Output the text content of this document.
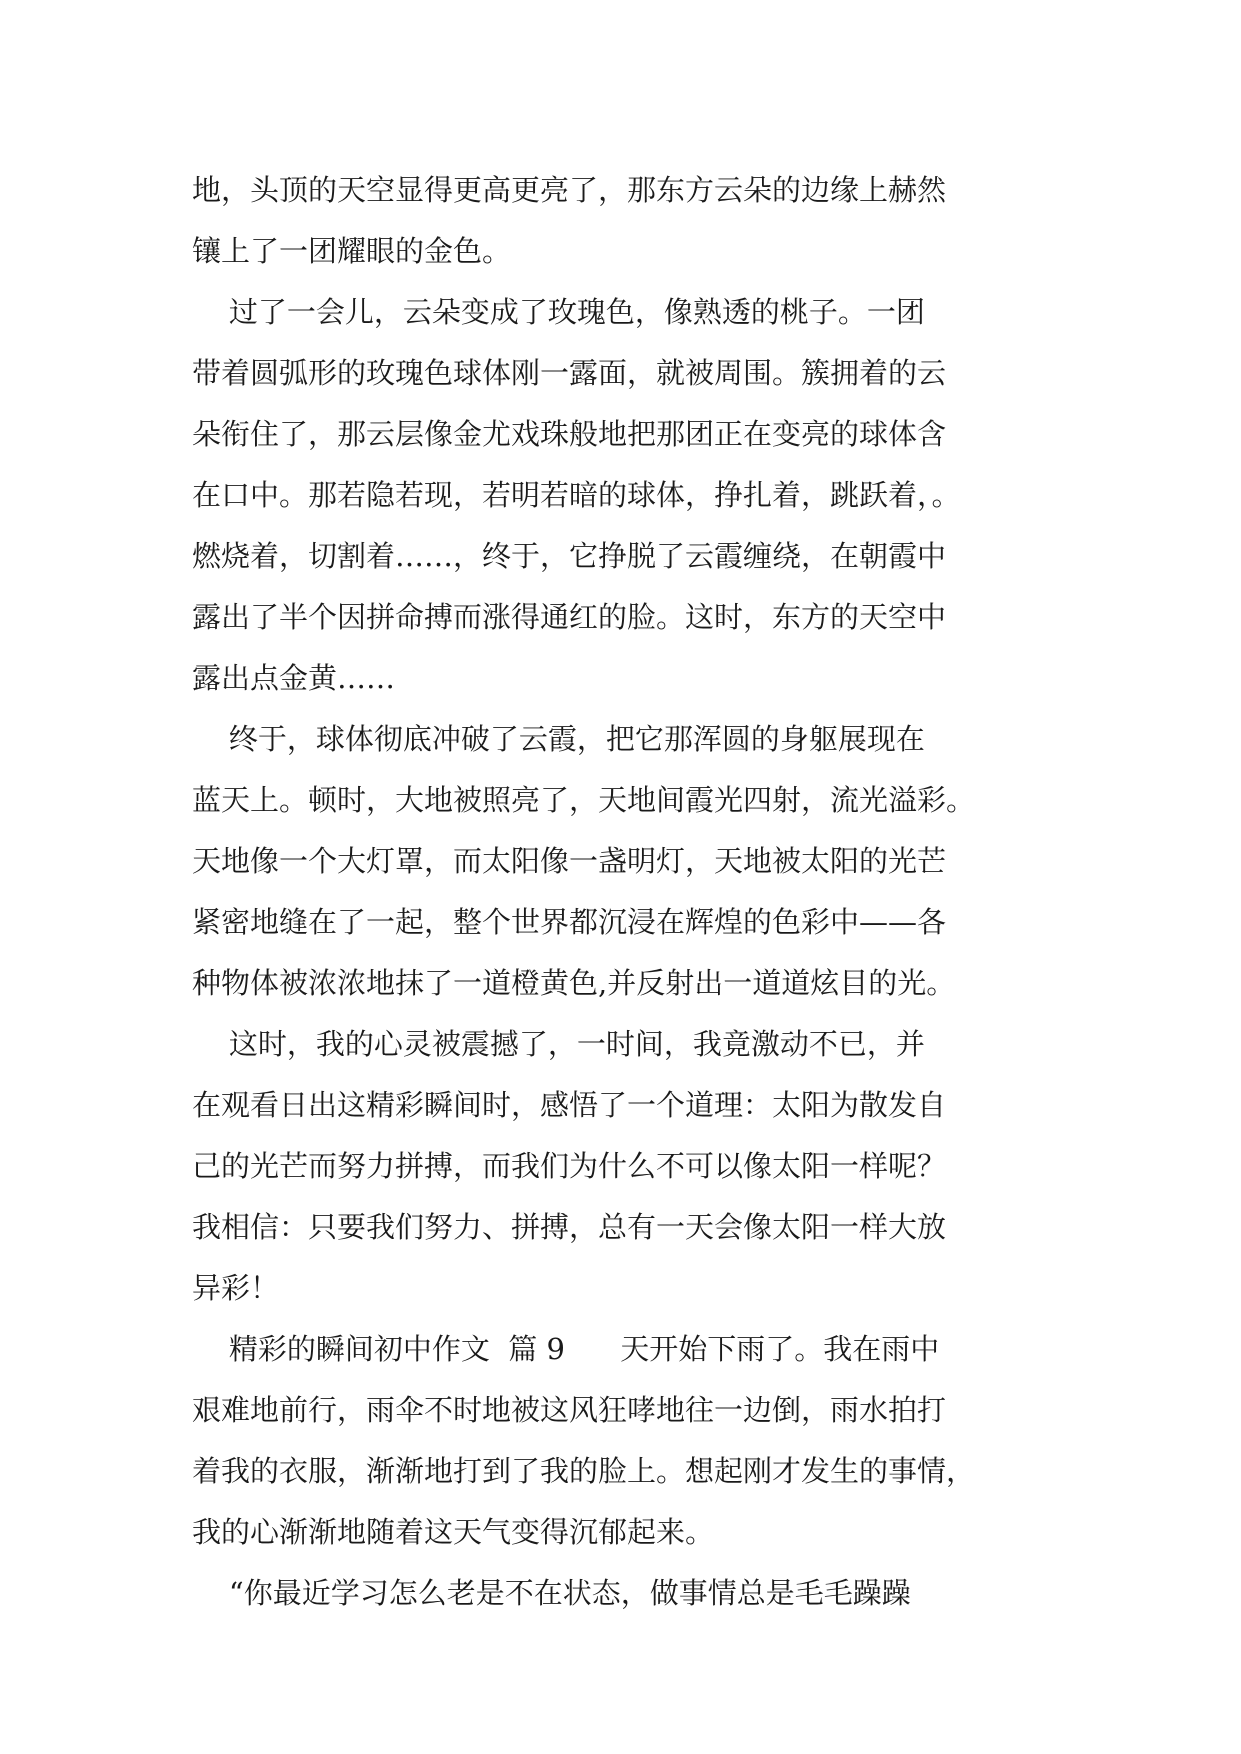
地，头顶的天空显得更高更亮了，那东方云朵的边缘上赫然
镶上了一团耀眼的金色。
过了一会儿，云朵变成了玫瑰色，像熟透的桃子。一团
带着圆弧形的玫瑰色球体刚一露面，就被周围。簇拥着的云
朵衔住了，那云层像金尤戏珠般地把那团正在变亮的球体含
在口中。那若隐若现，若明若暗的球体，挣扎着，跳跃着，。
燃烧着，切割着……，终于，它挣脱了云霞缠绕，在朝霞中
露出了半个因拼命搏而涨得通红的脸。这时，东方的天空中
露出点金黄……
终于，球体彻底冲破了云霞，把它那浑圆的身躯展现在
蓝天上。顿时，大地被照亮了，天地间霞光四射，流光溢彩。
天地像一个大灯罩，而太阳像一盏明灯，天地被太阳的光芒
紧密地缝在了一起，整个世界都沉浸在辉煌的色彩中——各
种物体被浓浓地抹了一道橙黄色,并反射出一道道炫目的光。
这时，我的心灵被震撼了，一时间，我竟激动不已，并
在观看日出这精彩瞬间时，感悟了一个道理：太阳为散发自
己的光芒而努力拼搏，而我们为什么不可以像太阳一样呢？
我相信：只要我们努力、拼搏，总有一天会像太阳一样大放
异彩！
精彩的瞬间初中作文  篇 9      天开始下雨了。我在雨中
艰难地前行，雨伞不时地被这风狂哮地往一边倒，雨水拍打
着我的衣服，渐渐地打到了我的脸上。想起刚才发生的事情，
我的心渐渐地随着这天气变得沉郁起来。
“你最近学习怎么老是不在状态，做事情总是毛毛躁躁
